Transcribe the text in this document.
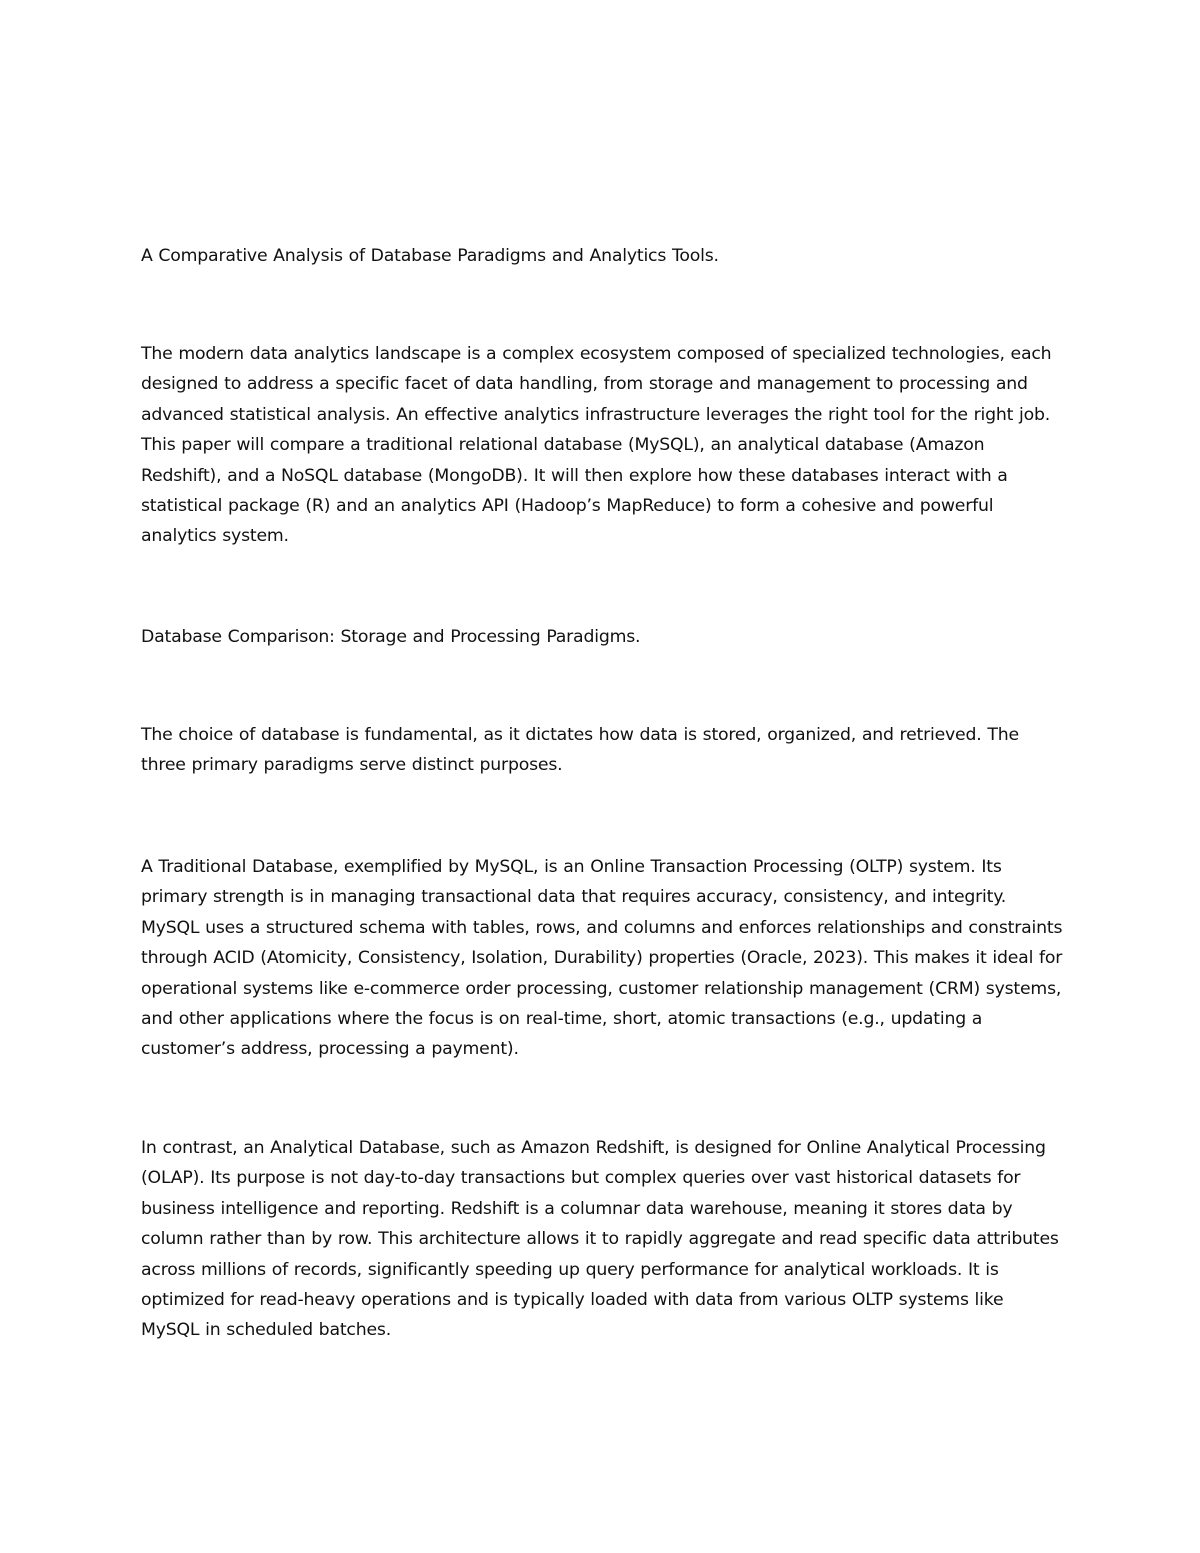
A Comparative Analysis of Database Paradigms and Analytics Tools.

The modern data analytics landscape is a complex ecosystem composed of specialized technologies, each designed to address a specific facet of data handling, from storage and management to processing and advanced statistical analysis. An effective analytics infrastructure leverages the right tool for the right job. This paper will compare a traditional relational database (MySQL), an analytical database (Amazon Redshift), and a NoSQL database (MongoDB). It will then explore how these databases interact with a statistical package (R) and an analytics API (Hadoop’s MapReduce) to form a cohesive and powerful analytics system.

Database Comparison: Storage and Processing Paradigms.

The choice of database is fundamental, as it dictates how data is stored, organized, and retrieved. The three primary paradigms serve distinct purposes.

A Traditional Database, exemplified by MySQL, is an Online Transaction Processing (OLTP) system. Its primary strength is in managing transactional data that requires accuracy, consistency, and integrity. MySQL uses a structured schema with tables, rows, and columns and enforces relationships and constraints through ACID (Atomicity, Consistency, Isolation, Durability) properties (Oracle, 2023). This makes it ideal for operational systems like e-commerce order processing, customer relationship management (CRM) systems, and other applications where the focus is on real-time, short, atomic transactions (e.g., updating a customer’s address, processing a payment).

In contrast, an Analytical Database, such as Amazon Redshift, is designed for Online Analytical Processing (OLAP). Its purpose is not day-to-day transactions but complex queries over vast historical datasets for business intelligence and reporting. Redshift is a columnar data warehouse, meaning it stores data by column rather than by row. This architecture allows it to rapidly aggregate and read specific data attributes across millions of records, significantly speeding up query performance for analytical workloads. It is optimized for read-heavy operations and is typically loaded with data from various OLTP systems like MySQL in scheduled batches.
